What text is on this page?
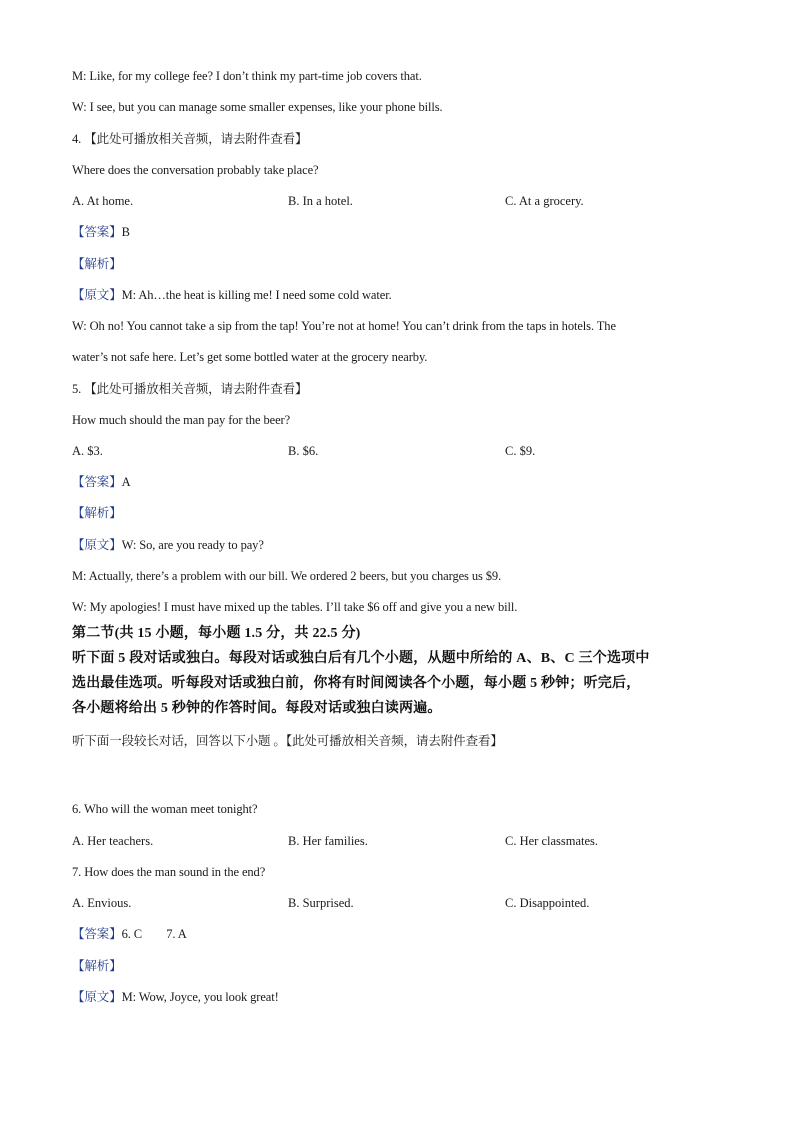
M: Like, for my college fee? I don’t think my part-time job covers that.
W: I see, but you can manage some smaller expenses, like your phone bills.
4. 【此处可播放相关音频，请去附件查看】
Where does the conversation probably take place?
A. At home.	B. In a hotel.	C. At a grocery.
【答案】B
【解析】
【原文】M: Ah…the heat is killing me! I need some cold water.
W: Oh no! You cannot take a sip from the tap! You’re not at home! You can’t drink from the taps in hotels. The
water’s not safe here. Let’s get some bottled water at the grocery nearby.
5. 【此处可播放相关音频，请去附件查看】
How much should the man pay for the beer?
A. $3.	B. $6.	C. $9.
【答案】A
【解析】
【原文】W: So, are you ready to pay?
M: Actually, there’s a problem with our bill. We ordered 2 beers, but you charges us $9.
W: My apologies! I must have mixed up the tables. I’ll take $6 off and give you a new bill.
第二节(共 15 小题，每小题 1.5 分，共 22.5 分)
听下面 5 段对话或独白。每段对话或独白后有几个小题，从题中所给的 A、B、C 三个选项中
选出最佳选项。听每段对话或独白前，你将有时间阅读各个小题，每小题 5 秒钟；听完后，
各小题将给出 5 秒钟的作答时间。每段对话或独白读两遍。
听下面一段较长对话，回答以下小题 。【此处可播放相关音频，请去附件查看】
6. Who will the woman meet tonight?
A. Her teachers.	B. Her families.	C. Her classmates.
7. How does the man sound in the end?
A. Envious.	B. Surprised.	C. Disappointed.
【答案】6. C        7. A
【解析】
【原文】M: Wow, Joyce, you look great!
